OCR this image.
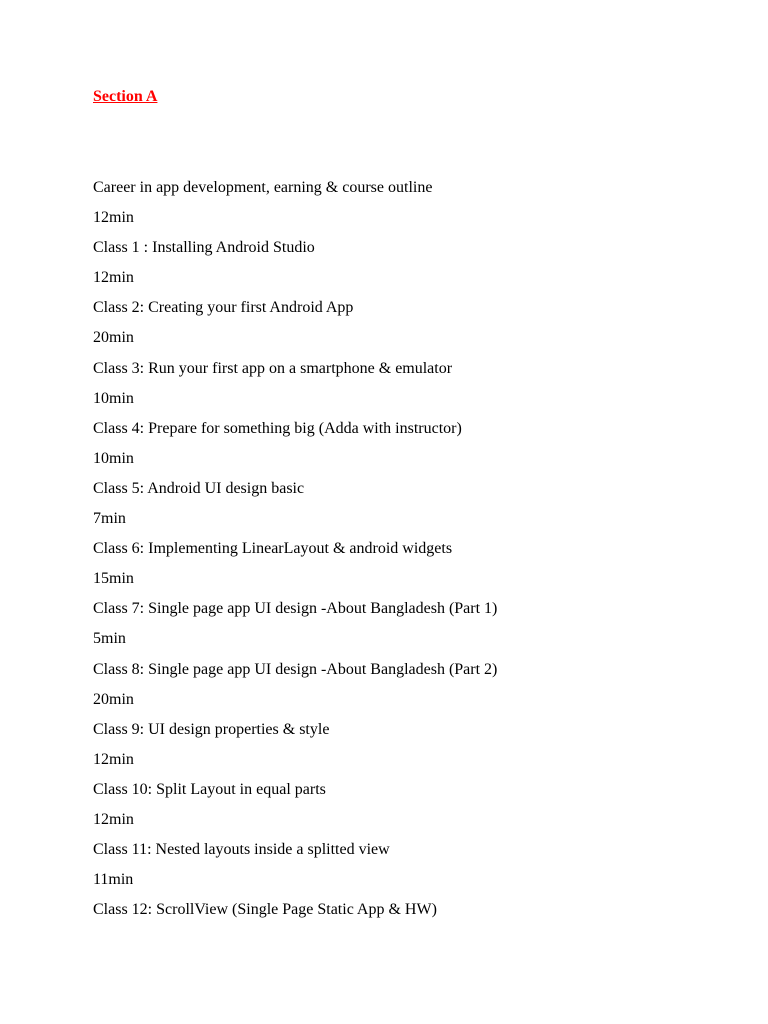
Section A
Career in app development, earning & course outline
12min
Class 1 : Installing Android Studio
12min
Class 2: Creating your first Android App
20min
Class 3: Run your first app on a smartphone & emulator
10min
Class 4: Prepare for something big (Adda with instructor)
10min
Class 5: Android UI design basic
7min
Class 6: Implementing LinearLayout & android widgets
15min
Class 7: Single page app UI design -About Bangladesh (Part 1)
5min
Class 8: Single page app UI design -About Bangladesh (Part 2)
20min
Class 9: UI design properties & style
12min
Class 10: Split Layout in equal parts
12min
Class 11: Nested layouts inside a splitted view
11min
Class 12: ScrollView (Single Page Static App & HW)
